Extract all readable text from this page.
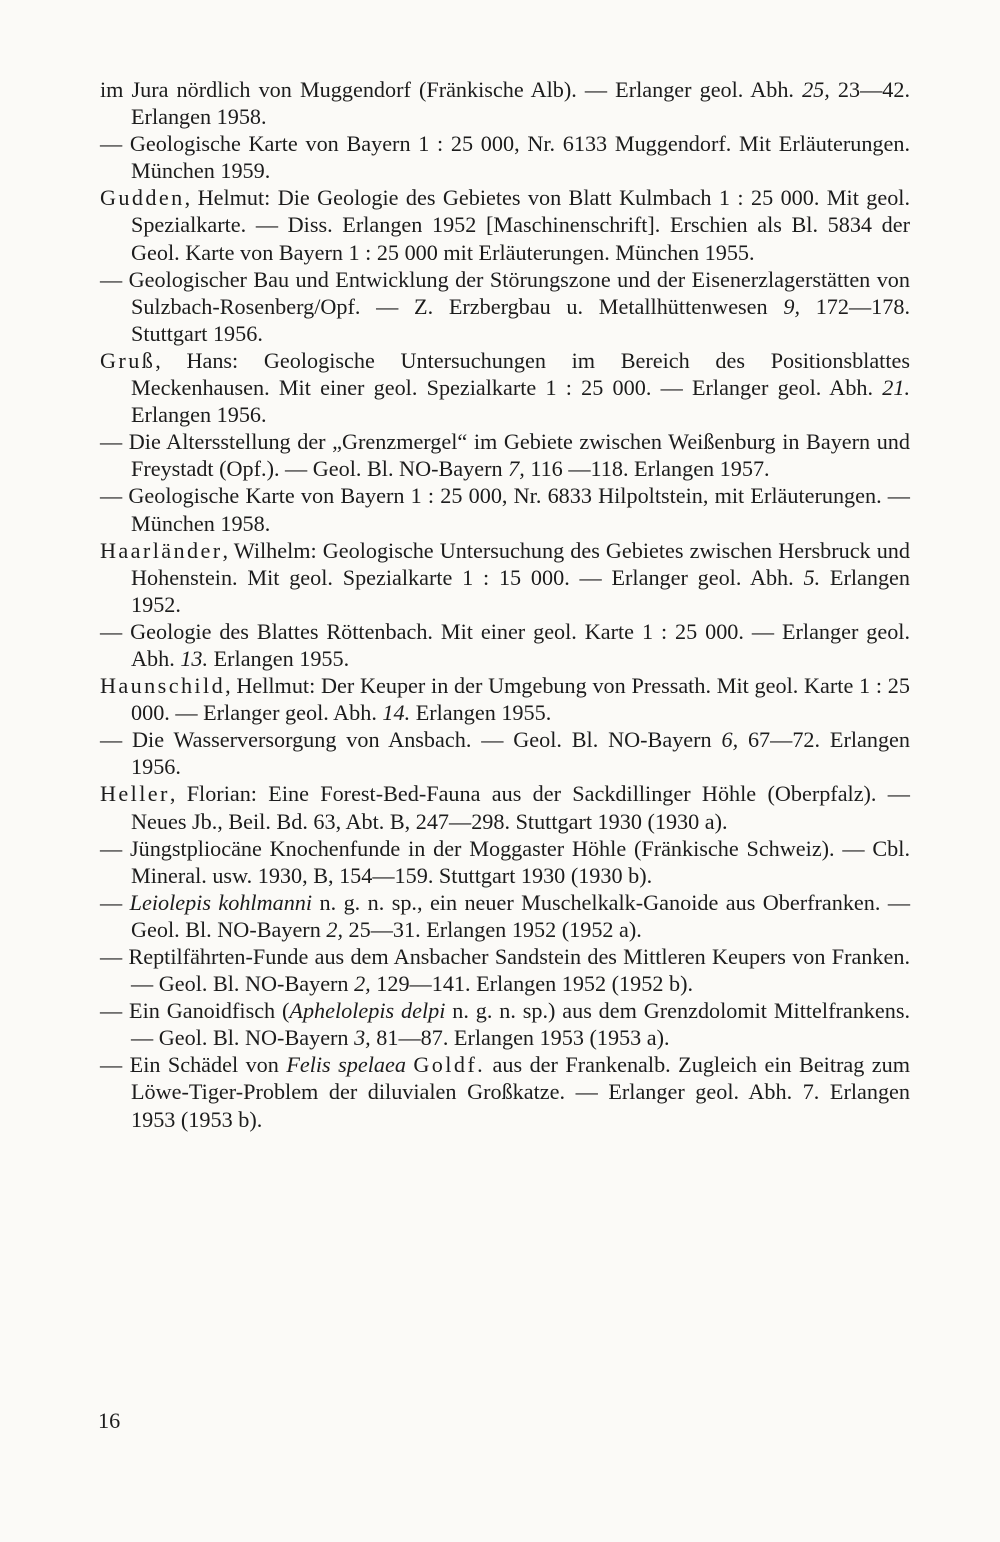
im Jura nördlich von Muggendorf (Fränkische Alb). — Erlanger geol. Abh. 25, 23—42. Erlangen 1958.

— Geologische Karte von Bayern 1 : 25 000, Nr. 6133 Muggendorf. Mit Erläuterungen. München 1959.

Gudden, Helmut: Die Geologie des Gebietes von Blatt Kulmbach 1 : 25 000. Mit geol. Spezialkarte. — Diss. Erlangen 1952 [Maschinenschrift]. Erschien als Bl. 5834 der Geol. Karte von Bayern 1 : 25 000 mit Erläuterungen. München 1955.

— Geologischer Bau und Entwicklung der Störungszone und der Eisenerzlagerstätten von Sulzbach-Rosenberg/Opf. — Z. Erzbergbau u. Metallhüttenwesen 9, 172—178. Stuttgart 1956.

Gruß, Hans: Geologische Untersuchungen im Bereich des Positionsblattes Meckenhausen. Mit einer geol. Spezialkarte 1 : 25 000. — Erlanger geol. Abh. 21. Erlangen 1956.

— Die Altersstellung der „Grenzmergel“ im Gebiete zwischen Weißenburg in Bayern und Freystadt (Opf.). — Geol. Bl. NO-Bayern 7, 116 —118. Erlangen 1957.

— Geologische Karte von Bayern 1 : 25 000, Nr. 6833 Hilpoltstein, mit Erläuterungen. — München 1958.

Haarländer, Wilhelm: Geologische Untersuchung des Gebietes zwischen Hersbruck und Hohenstein. Mit geol. Spezialkarte 1 : 15 000. — Erlanger geol. Abh. 5. Erlangen 1952.

— Geologie des Blattes Röttenbach. Mit einer geol. Karte 1 : 25 000. — Erlanger geol. Abh. 13. Erlangen 1955.

Haunschild, Hellmut: Der Keuper in der Umgebung von Pressath. Mit geol. Karte 1 : 25 000. — Erlanger geol. Abh. 14. Erlangen 1955.

— Die Wasserversorgung von Ansbach. — Geol. Bl. NO-Bayern 6, 67—72. Erlangen 1956.

Heller, Florian: Eine Forest-Bed-Fauna aus der Sackdillinger Höhle (Oberpfalz). — Neues Jb., Beil. Bd. 63, Abt. B, 247—298. Stuttgart 1930 (1930 a).

— Jüngstpliocäne Knochenfunde in der Moggaster Höhle (Fränkische Schweiz). — Cbl. Mineral. usw. 1930, B, 154—159. Stuttgart 1930 (1930 b).

— Leiolepis kohlmanni n. g. n. sp., ein neuer Muschelkalk-Ganoide aus Oberfranken. — Geol. Bl. NO-Bayern 2, 25—31. Erlangen 1952 (1952 a).

— Reptilfährten-Funde aus dem Ansbacher Sandstein des Mittleren Keupers von Franken. — Geol. Bl. NO-Bayern 2, 129—141. Erlangen 1952 (1952 b).

— Ein Ganoidfisch (Aphelolepis delpi n. g. n. sp.) aus dem Grenzdolomit Mittelfrankens. — Geol. Bl. NO-Bayern 3, 81—87. Erlangen 1953 (1953 a).

— Ein Schädel von Felis spelaea Goldf. aus der Frankenalb. Zugleich ein Beitrag zum Löwe-Tiger-Problem der diluvialen Großkatze. — Erlanger geol. Abh. 7. Erlangen 1953 (1953 b).

16
